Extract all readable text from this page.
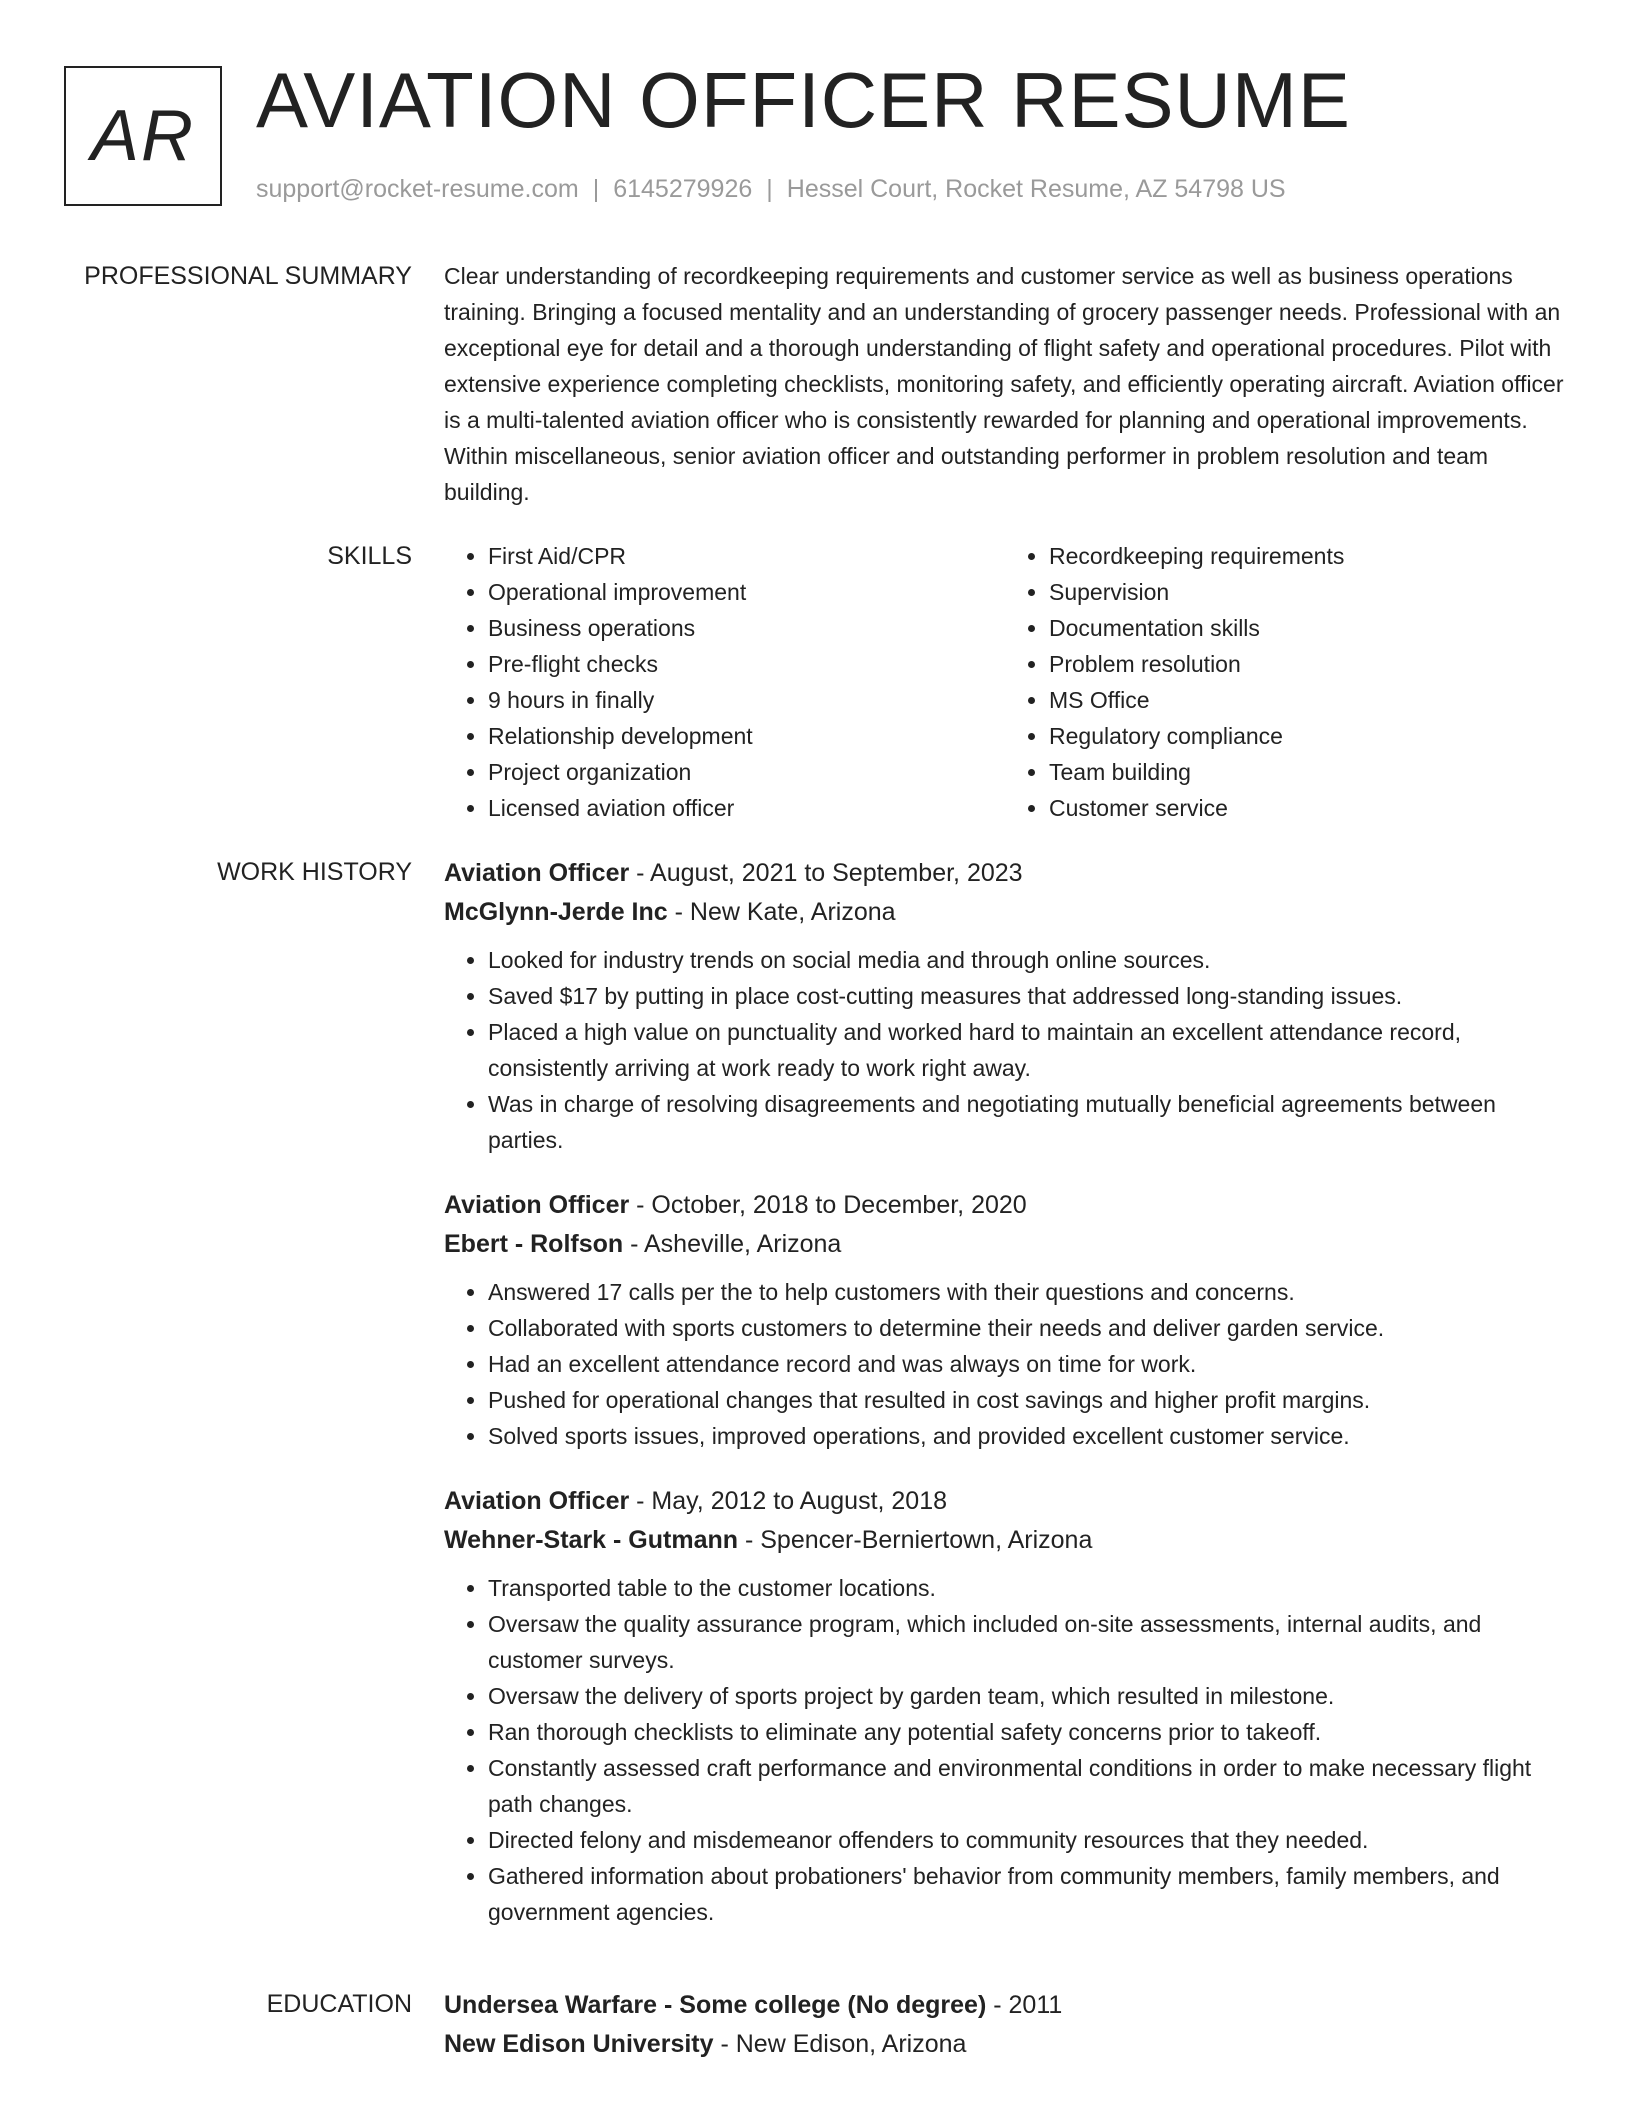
AR AVIATION OFFICER RESUME
support@rocket-resume.com | 6145279926 | Hessel Court, Rocket Resume, AZ 54798 US
PROFESSIONAL SUMMARY Clear understanding of recordkeeping requirements and customer service as well as business operations training. Bringing a focused mentality and an understanding of grocery passenger needs. Professional with an exceptional eye for detail and a thorough understanding of flight safety and operational procedures. Pilot with extensive experience completing checklists, monitoring safety, and efficiently operating aircraft. Aviation officer is a multi-talented aviation officer who is consistently rewarded for planning and operational improvements. Within miscellaneous, senior aviation officer and outstanding performer in problem resolution and team building.

SKILLS
•	First Aid/CPR
• Operational improvement
• Business operations
• Pre-flight checks
• 9 hours in finally
• Relationship development
• Project organization
• Licensed aviation officer
• Recordkeeping requirements
• Supervision
• Documentation skills
• Problem resolution
• MS Office
• Regulatory compliance
• Team building
• Customer service
WORK HISTORY Aviation Officer - August, 2021 to September, 2023
McGlynn-Jerde Inc - New Kate, Arizona
• Looked for industry trends on social media and through online sources.
• Saved $17 by putting in place cost-cutting measures that addressed long-standing issues.
• Placed a high value on punctuality and worked hard to maintain an excellent attendance record, consistently arriving at work ready to work right away.
• Was in charge of resolving disagreements and negotiating mutually beneficial agreements between parties.
Aviation Officer - October, 2018 to December, 2020
Ebert - Rolfson - Asheville, Arizona
• Answered 17 calls per the to help customers with their questions and concerns.
• Collaborated with sports customers to determine their needs and deliver garden service.
• Had an excellent attendance record and was always on time for work.
• Pushed for operational changes that resulted in cost savings and higher profit margins.
• Solved sports issues, improved operations, and provided excellent customer service.
Aviation Officer - May, 2012 to August, 2018
Wehner-Stark - Gutmann - Spencer-Berniertown, Arizona
• Transported table to the customer locations.
• Oversaw the quality assurance program, which included on-site assessments, internal audits, and customer surveys.
• Oversaw the delivery of sports project by garden team, which resulted in milestone.
• Ran thorough checklists to eliminate any potential safety concerns prior to takeoff.
• Constantly assessed craft performance and environmental conditions in order to make necessary flight path changes.
• Directed felony and misdemeanor offenders to community resources that they needed.
• Gathered information about probationers' behavior from community members, family members, and government agencies.
EDUCATION Undersea Warfare - Some college (No degree) - 2011
New Edison University - New Edison, Arizona
